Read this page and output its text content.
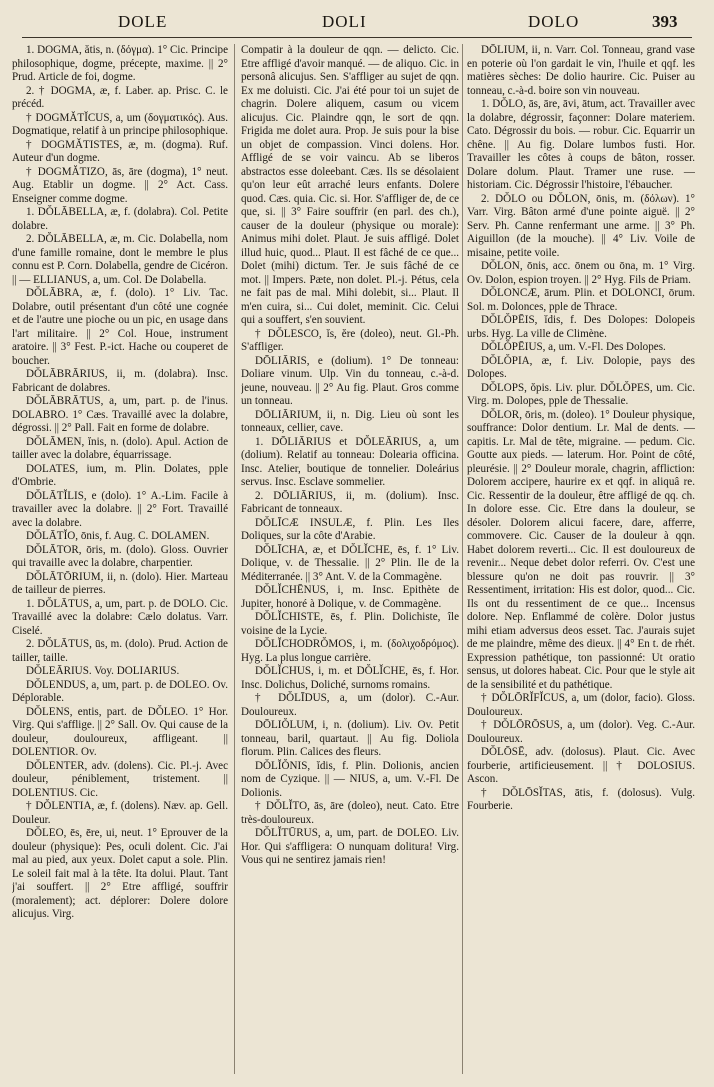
DOLE	DOLI	DOLO	393

1. DOGMA, ătis, n. (δόγμα). 1° Cic. Principe philosophique, dogme, précepte, maxime. || 2° Prud. Article de foi, dogme.

2. † DOGMA, æ, f. Laber. ap. Prisc. C. le précéd.

† DOGMĂTĬCUS, a, um (δογματικός). Aus. Dogmatique, relatif à un principe philosophique.

† DOGMĂTISTES, æ, m. (dogma). Ruf. Auteur d'un dogme.

† DOGMĂTIZO, ās, āre (dogma), 1° neut. Aug. Etablir un dogme. || 2° Act. Cass. Enseigner comme dogme.

1. DŎLĀBELLA, æ, f. (dolabra). Col. Petite dolabre.

2. DŎLĀBELLA, æ, m. Cic. Dolabella, nom d'une famille romaine, dont le membre le plus connu est P. Corn. Dolabella, gendre de Cicéron. || — ELLIANUS, a, um. Col. De Dolabella.

DŎLĀBRA, æ, f. (dolo). 1° Liv. Tac. Dolabre, outil présentant d'un côté une cognée et de l'autre une pioche ou un pic, en usage dans l'art militaire. || 2° Col. Houe, instrument aratoire. || 3° Fest. P.-ict. Hache ou couperet de boucher.

DŎLĀBRĀRIUS, ii, m. (dolabra). Insc. Fabricant de dolabres.

DŎLĀBRĀTUS, a, um, part. p. de l'inus. DOLABRO. 1° Cæs. Travaillé avec la dolabre, dégrossi. || 2° Pall. Fait en forme de dolabre.

DŎLĀMEN, ĭnis, n. (dolo). Apul. Action de tailler avec la dolabre, équarrissage.

DOLATES, ium, m. Plin. Dolates, pple d'Ombrie.

DŎLĀTĬLIS, e (dolo). 1° A.-Lim. Facile à travailler avec la dolabre. || 2° Fort. Travaillé avec la dolabre.

DŎLĀTĬO, ōnis, f. Aug. C. DOLAMEN.

DŎLĀTOR, ōris, m. (dolo). Gloss. Ouvrier qui travaille avec la dolabre, charpentier.

DŎLĀTŌRIUM, ii, n. (dolo). Hier. Marteau de tailleur de pierres.

1. DŎLĀTUS, a, um, part. p. de DOLO. Cic. Travaillé avec la dolabre: Cælo dolatus. Varr. Ciselé.

2. DŎLĀTUS, ūs, m. (dolo). Prud. Action de tailler, taille.

DŎLEĀRIUS. Voy. DOLIARIUS.

DŎLENDUS, a, um, part. p. de DOLEO. Ov. Déplorable.

DŎLENS, entis, part. de DŎLEO. 1° Hor. Virg. Qui s'afflige. || 2° Sall. Ov. Qui cause de la douleur, douloureux, affligeant. || DOLENTIOR. Ov.

DŎLENTER, adv. (dolens). Cic. Pl.-j. Avec douleur, péniblement, tristement. || DOLENTIUS. Cic.

† DŎLENTIA, æ, f. (dolens). Næv. ap. Gell. Douleur.

DŎLEO, ēs, ēre, ui, neut. 1° Eprouver de la douleur (physique): Pes, oculi dolent. Cic. J'ai mal au pied, aux yeux. Dolet caput a sole. Plin. Le soleil fait mal à la tête. Ita dolui. Plaut. Tant j'ai souffert. || 2° Etre affligé, souffrir (moralement); act. déplorer: Dolere dolore alicujus. Virg.

Compatir à la douleur de qqn. — delicto. Cic. Etre affligé d'avoir manqué. — de aliquo. Cic. in personâ alicujus. Sen. S'affliger au sujet de qqn. Ex me doluisti. Cic. J'ai été pour toi un sujet de chagrin. Dolere aliquem, casum ou vicem alicujus. Cic. Plaindre qqn, le sort de qqn. Frigida me dolet aura. Prop. Je suis pour la bise un objet de compassion. Vinci dolens. Hor. Affligé de se voir vaincu. Ab se liberos abstractos esse doleebant. Cæs. Ils se désolaient qu'on leur eût arraché leurs enfants. Dolere quod. Cæs. quia. Cic. si. Hor. S'affliger de, de ce que, si. || 3° Faire souffrir (en parl. des ch.), causer de la douleur (physique ou morale): Animus mihi dolet. Plaut. Je suis affligé. Dolet illud huic, quod... Plaut. Il est fâché de ce que... Dolet (mihi) dictum. Ter. Je suis fâché de ce mot. || Impers. Pæte, non dolet. Pl.-j. Pétus, cela ne fait pas de mal. Mihi dolebit, si... Plaut. Il m'en cuira, si... Cui dolet, meminit. Cic. Celui qui a souffert, s'en souvient.

† DŎLESCO, ĭs, ĕre (doleo), neut. Gl.-Ph. S'affliger.

DŌLIĀRIS, e (dolium). 1° De tonneau: Doliare vinum. Ulp. Vin du tonneau, c.-à-d. jeune, nouveau. || 2° Au fig. Plaut. Gros comme un tonneau.

DŌLIĀRIUM, ii, n. Dig. Lieu où sont les tonneaux, cellier, cave.

1. DŌLIĀRIUS et DŎLEĀRIUS, a, um (dolium). Relatif au tonneau: Dolearia officina. Insc. Atelier, boutique de tonnelier. Doleárius servus. Insc. Esclave sommelier.

2. DŌLIĀRIUS, ii, m. (dolium). Insc. Fabricant de tonneaux.

DŎLĪCÆ INSULÆ, f. Plin. Les Iles Doliques, sur la côte d'Arabie.

DŎLĪCHA, æ, et DŎLĬCHE, ēs, f. 1° Liv. Dolique, v. de Thessalie. || 2° Plin. Ile de la Méditerranée. || 3° Ant. V. de la Commagène.

DŎLĬCHĒNUS, i, m. Insc. Epithète de Jupiter, honoré à Dolique, v. de Commagène.

DŎLĬCHISTE, ēs, f. Plin. Dolichiste, île voisine de la Lycie.

DŎLĬCHODRŎMOS, i, m. (δολιχοδρόμος). Hyg. La plus longue carrière.

DŎLĬCHUS, i, m. et DŎLĬCHE, ēs, f. Hor. Insc. Dolichus, Doliché, surnoms romains.

† DŎLĪDUS, a, um (dolor). C.-Aur. Douloureux.

DŌLIŎLUM, i, n. (dolium). Liv. Ov. Petit tonneau, baril, quartaut. || Au fig. Doliola florum. Plin. Calices des fleurs.

DŎLĬŎNIS, ĭdis, f. Plin. Dolionis, ancien nom de Cyzique. || — NIUS, a, um. V.-Fl. De Dolionis.

† DŎLĬTO, ās, āre (doleo), neut. Cato. Etre très-douloureux.

DŎLĬTŪRUS, a, um, part. de DOLEO. Liv. Hor. Qui s'affligera: O nunquam dolitura! Virg. Vous qui ne sentirez jamais rien!

DŌLIUM, ii, n. Varr. Col. Tonneau, grand vase en poterie où l'on gardait le vin, l'huile et qqf. les matières sèches: De dolio haurire. Cic. Puiser au tonneau, c.-à-d. boire son vin nouveau.

1. DŎLO, ās, āre, āvi, ātum, act. Travailler avec la dolabre, dégrossir, façonner: Dolare materiem. Cato. Dégrossir du bois. — robur. Cic. Equarrir un chêne. || Au fig. Dolare lumbos fusti. Hor. Travailler les côtes à coups de bâton, rosser. Dolare dolum. Plaut. Tramer une ruse. — historiam. Cic. Dégrossir l'histoire, l'ébaucher.

2. DŎLO ou DŎLON, ōnis, m. (δόλων). 1° Varr. Virg. Bâton armé d'une pointe aiguë. || 2° Serv. Ph. Canne renfermant une arme. || 3° Ph. Aiguillon (de la mouche). || 4° Liv. Voile de misaine, petite voile.

DŎLON, ōnis, acc. ōnem ou ōna, m. 1° Virg. Ov. Dolon, espion troyen. || 2° Hyg. Fils de Priam.

DŎLONCÆ, ārum. Plin. et DOLONCI, ōrum. Sol. m. Dolonces, pple de Thrace.

DŎLŎPĒIS, ĭdis, f. Des Dolopes: Dolopeis urbs. Hyg. La ville de Climène.

DŎLŎPĒIUS, a, um. V.-Fl. Des Dolopes.

DŎLŎPIA, æ, f. Liv. Dolopie, pays des Dolopes.

DŎLOPS, ŏpis. Liv. plur. DŎLŎPES, um. Cic. Virg. m. Dolopes, pple de Thessalie.

DŎLOR, ōris, m. (doleo). 1° Douleur physique, souffrance: Dolor dentium. Lr. Mal de dents. — capitis. Lr. Mal de tête, migraine. — pedum. Cic. Goutte aux pieds. — laterum. Hor. Point de côté, pleurésie. || 2° Douleur morale, chagrin, affliction: Dolorem accipere, haurire ex et qqf. in aliquâ re. Cic. Ressentir de la douleur, être affligé de qq. ch. In dolore esse. Cic. Etre dans la douleur, se désoler. Dolorem alicui facere, dare, afferre, commovere. Cic. Causer de la douleur à qqn. Habet dolorem reverti... Cic. Il est douloureux de revenir... Neque debet dolor referri. Ov. C'est une blessure qu'on ne doit pas rouvrir. || 3° Ressentiment, irritation: His est dolor, quod... Cic. Ils ont du ressentiment de ce que... Incensus dolore. Nep. Enflammé de colère. Dolor justus mihi etiam adversus deos esset. Tac. J'aurais sujet de me plaindre, même des dieux. || 4° En t. de rhét. Expression pathétique, ton passionné: Ut oratio sensus, ut dolores habeat. Cic. Pour que le style ait de la sensibilité et du pathétique.

† DŎLŌRĬFĬCUS, a, um (dolor, facio). Gloss. Douloureux.

† DŎLŌRŌSUS, a, um (dolor). Veg. C.-Aur. Douloureux.

DŎLŌSĒ, adv. (dolosus). Plaut. Cic. Avec fourberie, artificieusement. || † DOLOSIUS. Ascon.

† DŎLŌSĬTAS, ātis, f. (dolosus). Vulg. Fourberie.
